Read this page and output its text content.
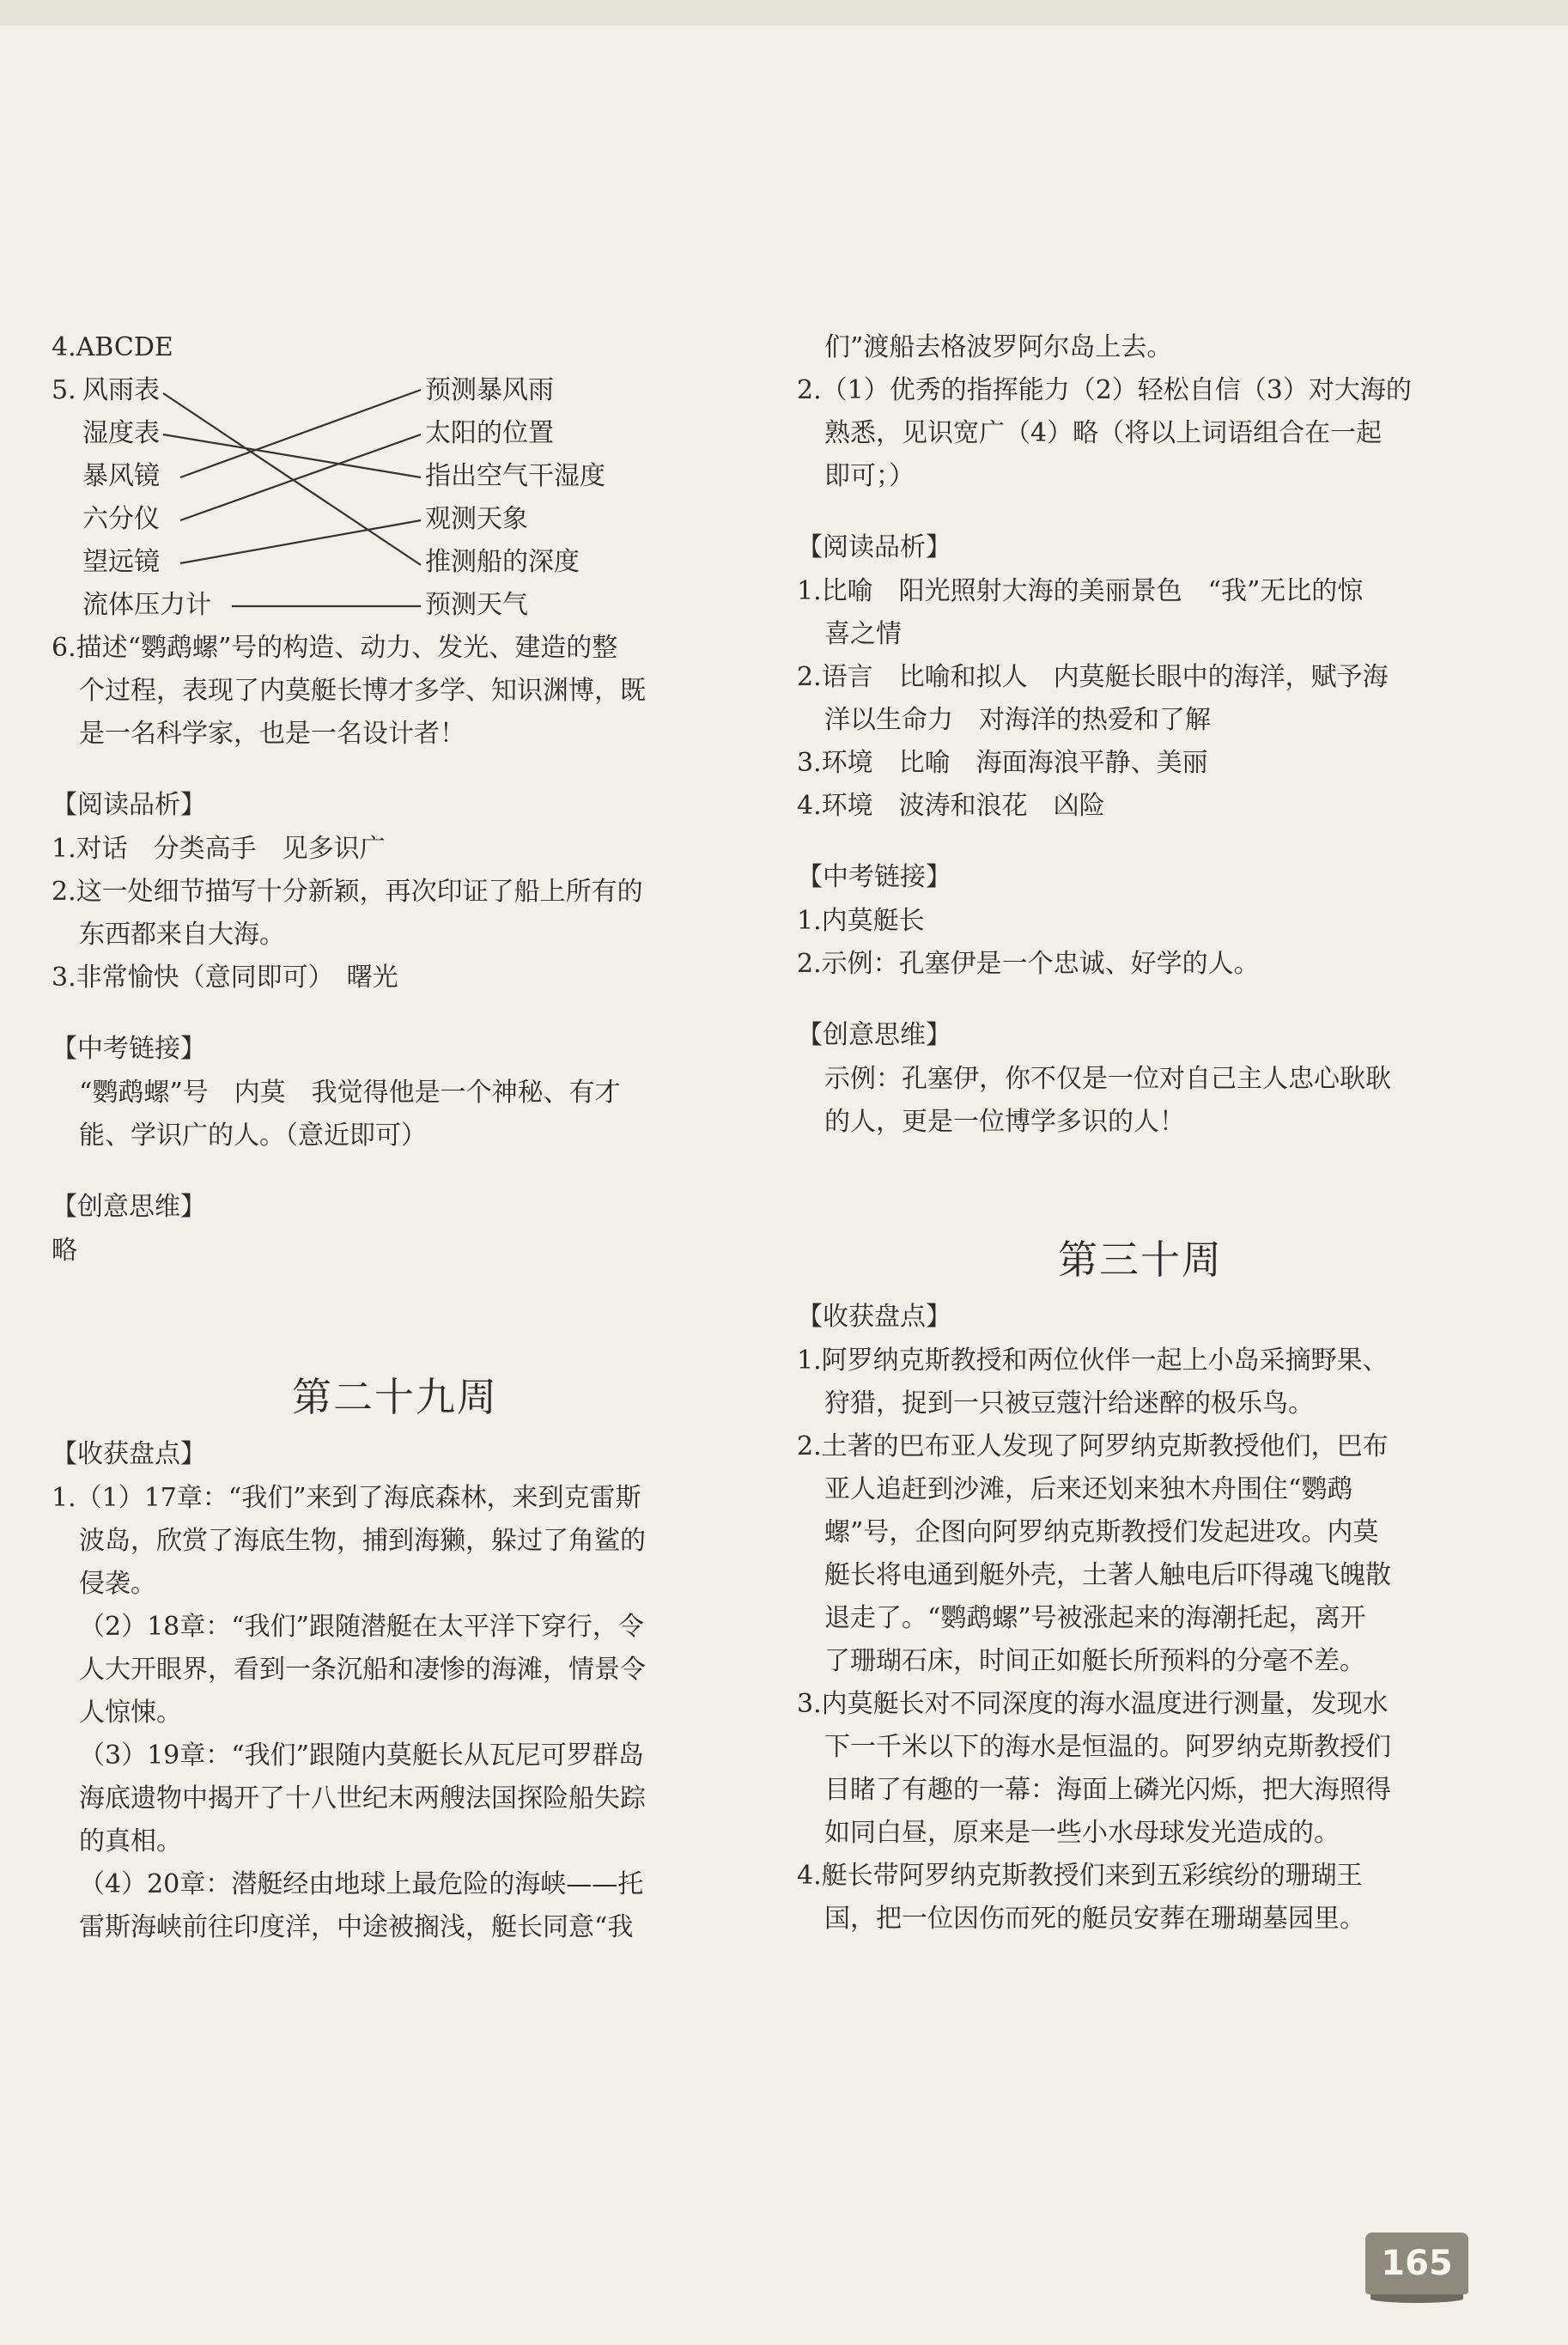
4.ABCDE
5. 风雨表
湿度表
暴风镜
六分仪
望远镜
流体压力计
预测暴风雨
太阳的位置
指出空气干湿度
观测天象
推测船的深度
预测天气
6.描述“鹦鹉螺”号的构造、动力、发光、建造的整
个过程，表现了内莫艇长博才多学、知识渊博，既
是一名科学家，也是一名设计者！
【阅读品析】
1.对话　分类高手　见多识广
2.这一处细节描写十分新颖，再次印证了船上所有的
东西都来自大海。
3.非常愉快（意同即可）　曙光
【中考链接】
“鹦鹉螺”号　内莫　我觉得他是一个神秘、有才
能、学识广的人。（意近即可）
【创意思维】
略
第二十九周
【收获盘点】
1.（1）17章：“我们”来到了海底森林，来到克雷斯
波岛，欣赏了海底生物，捕到海獭，躲过了角鲨的
侵袭。
（2）18章：“我们”跟随潜艇在太平洋下穿行，令
人大开眼界，看到一条沉船和凄惨的海滩，情景令
人惊悚。
（3）19章：“我们”跟随内莫艇长从瓦尼可罗群岛
海底遗物中揭开了十八世纪末两艘法国探险船失踪
的真相。
（4）20章：潜艇经由地球上最危险的海峡——托
雷斯海峡前往印度洋，中途被搁浅，艇长同意“我
们”渡船去格波罗阿尔岛上去。
2.（1）优秀的指挥能力（2）轻松自信（3）对大海的
熟悉，见识宽广（4）略（将以上词语组合在一起
即可；）
【阅读品析】
1.比喻　阳光照射大海的美丽景色　“我”无比的惊
喜之情
2.语言　比喻和拟人　内莫艇长眼中的海洋，赋予海
洋以生命力　对海洋的热爱和了解
3.环境　比喻　海面海浪平静、美丽
4.环境　波涛和浪花　凶险
【中考链接】
1.内莫艇长
2.示例：孔塞伊是一个忠诚、好学的人。
【创意思维】
示例：孔塞伊，你不仅是一位对自己主人忠心耿耿
的人，更是一位博学多识的人！
第三十周
【收获盘点】
1.阿罗纳克斯教授和两位伙伴一起上小岛采摘野果、
狩猎，捉到一只被豆蔻汁给迷醉的极乐鸟。
2.土著的巴布亚人发现了阿罗纳克斯教授他们，巴布
亚人追赶到沙滩，后来还划来独木舟围住“鹦鹉
螺”号，企图向阿罗纳克斯教授们发起进攻。内莫
艇长将电通到艇外壳，土著人触电后吓得魂飞魄散
退走了。“鹦鹉螺”号被涨起来的海潮托起，离开
了珊瑚石床，时间正如艇长所预料的分毫不差。
3.内莫艇长对不同深度的海水温度进行测量，发现水
下一千米以下的海水是恒温的。阿罗纳克斯教授们
目睹了有趣的一幕：海面上磷光闪烁，把大海照得
如同白昼，原来是一些小水母球发光造成的。
4.艇长带阿罗纳克斯教授们来到五彩缤纷的珊瑚王
国，把一位因伤而死的艇员安葬在珊瑚墓园里。
165
